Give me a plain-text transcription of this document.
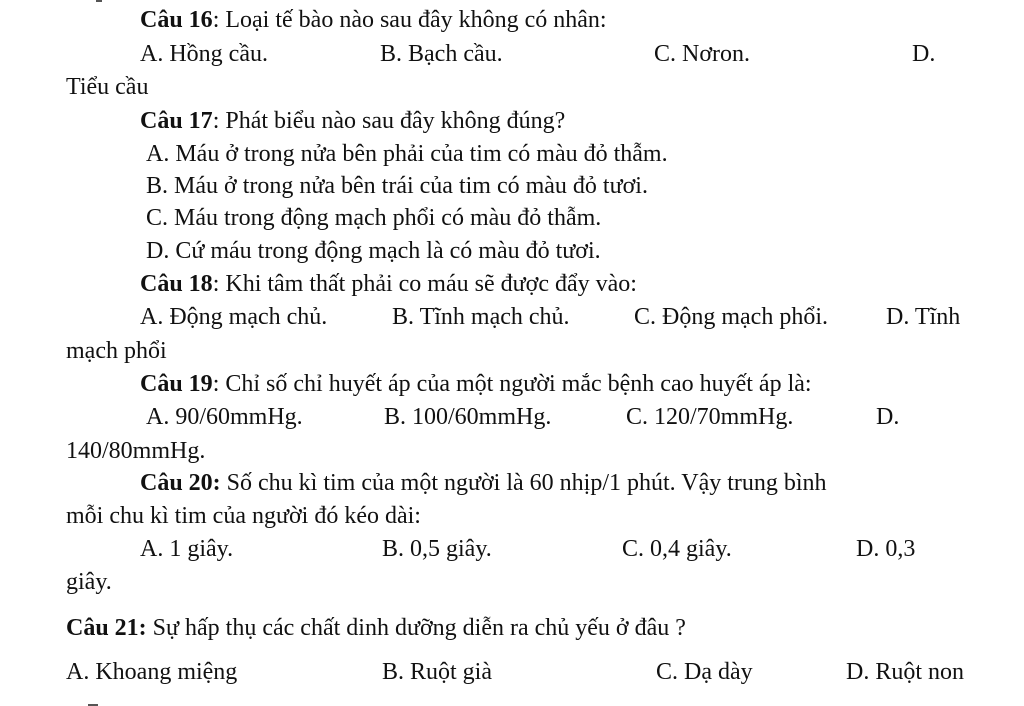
Câu 16: Loại tế bào nào sau đây không có nhân:
A. Hồng cầu.	B. Bạch cầu.	C. Nơron.	D.
Tiểu cầu
Câu 17: Phát biểu nào sau đây không đúng?
A. Máu ở trong nửa bên phải của tim có màu đỏ thẫm.
B. Máu ở trong nửa bên trái của tim có màu đỏ tươi.
C. Máu trong động mạch phổi có màu đỏ thẫm.
D. Cứ máu trong động mạch là có màu đỏ tươi.
Câu 18: Khi tâm thất phải co máu sẽ được đẩy vào:
A. Động mạch chủ.	B. Tĩnh mạch chủ.	C. Động mạch phổi. D. Tĩnh
mạch phổi
Câu 19: Chỉ số chỉ huyết áp của một người mắc bệnh cao huyết áp là:
A. 90/60mmHg.	B. 100/60mmHg.	C. 120/70mmHg.	D.
140/80mmHg.
Câu 20: Số chu kì tim của một người là 60 nhịp/1 phút. Vậy trung bình
mỗi chu kì tim của người đó kéo dài:
A. 1 giây.	B. 0,5 giây.	C. 0,4 giây.	D. 0,3
giây.
Câu 21: Sự hấp thụ các chất dinh dưỡng diễn ra chủ yếu ở đâu ?
A. Khoang miệng	B. Ruột già	C. Dạ dày	D. Ruột non
